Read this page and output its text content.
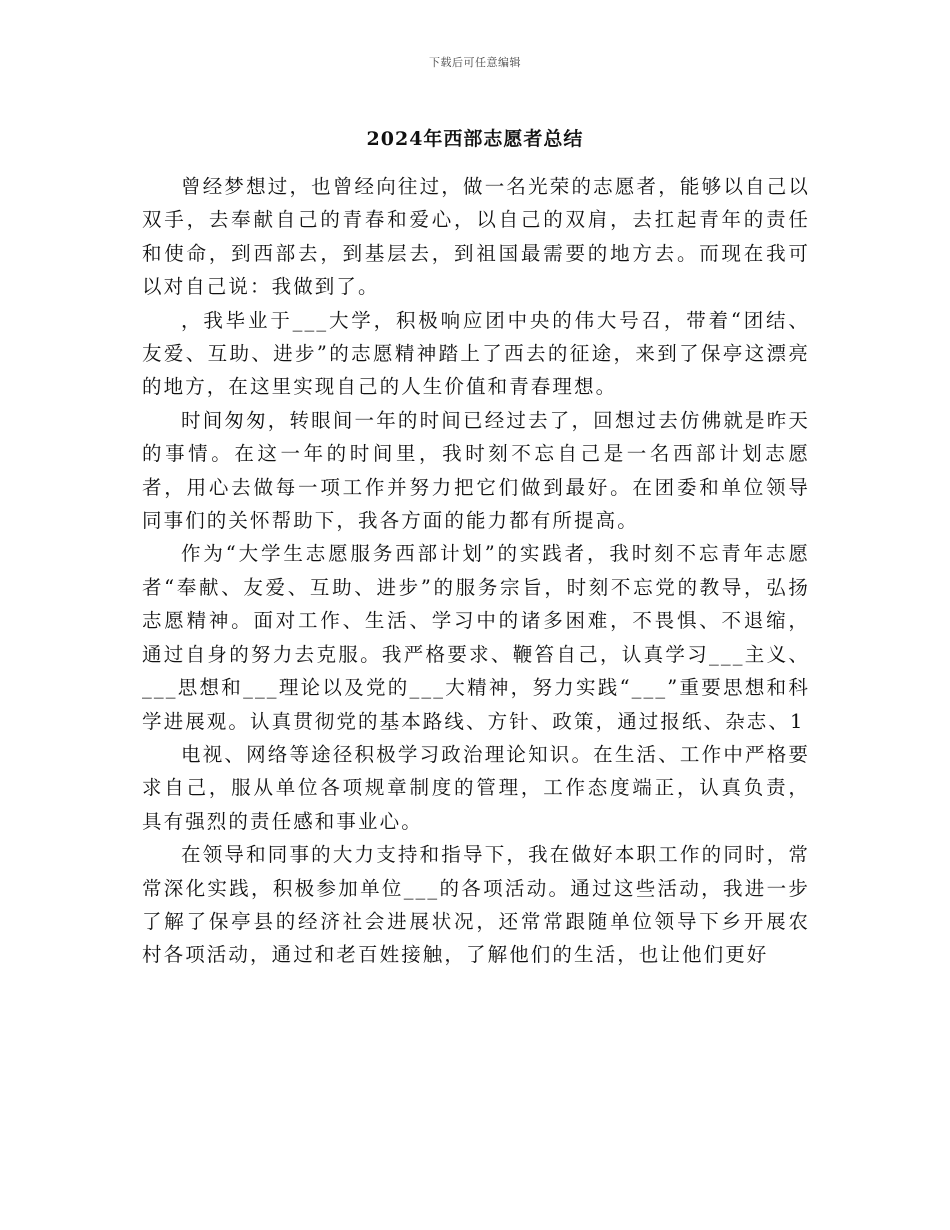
下载后可任意编辑
2024年西部志愿者总结

曾经梦想过，也曾经向往过，做一名光荣的志愿者，能够以自己以双手，去奉献自己的青春和爱心，以自己的双肩，去扛起青年的责任和使命，到西部去，到基层去，到祖国最需要的地方去。而现在我可以对自己说：我做到了。

，我毕业于___大学，积极响应团中央的伟大号召，带着“团结、友爱、互助、进步”的志愿精神踏上了西去的征途，来到了保亭这漂亮的地方，在这里实现自己的人生价值和青春理想。

时间匆匆，转眼间一年的时间已经过去了，回想过去仿佛就是昨天的事情。在这一年的时间里，我时刻不忘自己是一名西部计划志愿者，用心去做每一项工作并努力把它们做到最好。在团委和单位领导同事们的关怀帮助下，我各方面的能力都有所提高。

作为“大学生志愿服务西部计划”的实践者，我时刻不忘青年志愿者“奉献、友爱、互助、进步”的服务宗旨，时刻不忘党的教导，弘扬志愿精神。面对工作、生活、学习中的诸多困难，不畏惧、不退缩，通过自身的努力去克服。我严格要求、鞭笞自己，认真学习___主义、___思想和___理论以及党的___大精神，努力实践“___”重要思想和科学进展观。认真贯彻党的基本路线、方针、政策，通过报纸、杂志、1

电视、网络等途径积极学习政治理论知识。在生活、工作中严格要求自己，服从单位各项规章制度的管理，工作态度端正，认真负责，具有强烈的责任感和事业心。

在领导和同事的大力支持和指导下，我在做好本职工作的同时，常常深化实践，积极参加单位___的各项活动。通过这些活动，我进一步了解了保亭县的经济社会进展状况，还常常跟随单位领导下乡开展农村各项活动，通过和老百姓接触，了解他们的生活，也让他们更好
